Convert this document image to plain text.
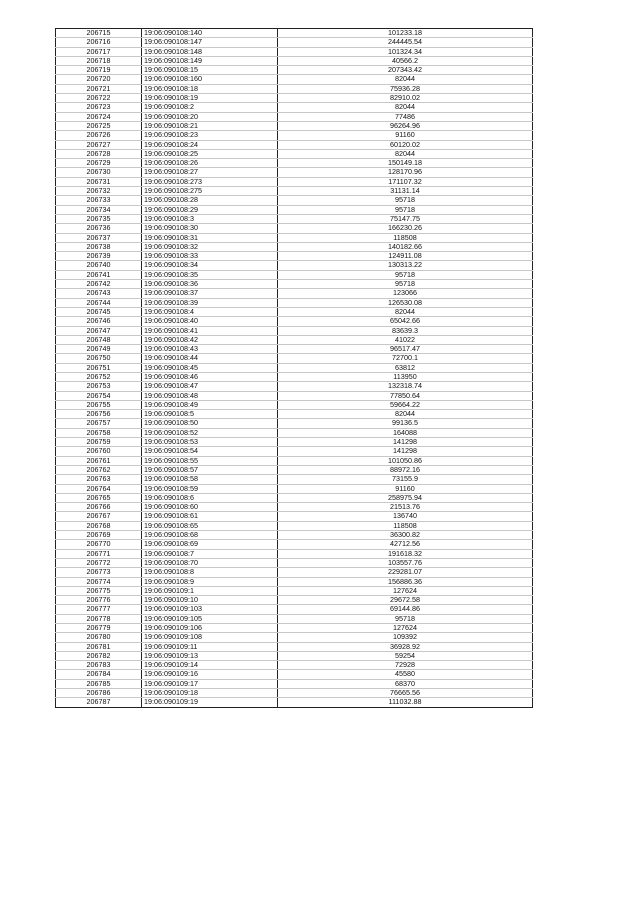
206715	19:06:090108:140	101233.18
206716	19:06:090108:147	244445.54
206717	19:06:090108:148	101324.34
206718	19:06:090108:149	40566.2
206719	19:06:090108:15	207343.42
206720	19:06:090108:160	82044
206721	19:06:090108:18	75936.28
206722	19:06:090108:19	82910.02
206723	19:06:090108:2	82044
206724	19:06:090108:20	77486
206725	19:06:090108:21	96264.96
206726	19:06:090108:23	91160
206727	19:06:090108:24	60120.02
206728	19:06:090108:25	82044
206729	19:06:090108:26	150149.18
206730	19:06:090108:27	128170.96
206731	19:06:090108:273	171107.32
206732	19:06:090108:275	31131.14
206733	19:06:090108:28	95718
206734	19:06:090108:29	95718
206735	19:06:090108:3	75147.75
206736	19:06:090108:30	166230.26
206737	19:06:090108:31	118508
206738	19:06:090108:32	140182.66
206739	19:06:090108:33	124911.08
206740	19:06:090108:34	130313.22
206741	19:06:090108:35	95718
206742	19:06:090108:36	95718
206743	19:06:090108:37	123066
206744	19:06:090108:39	126530.08
206745	19:06:090108:4	82044
206746	19:06:090108:40	65042.66
206747	19:06:090108:41	83639.3
206748	19:06:090108:42	41022
206749	19:06:090108:43	96517.47
206750	19:06:090108:44	72700.1
206751	19:06:090108:45	63812
206752	19:06:090108:46	113950
206753	19:06:090108:47	132318.74
206754	19:06:090108:48	77850.64
206755	19:06:090108:49	59664.22
206756	19:06:090108:5	82044
206757	19:06:090108:50	99136.5
206758	19:06:090108:52	164088
206759	19:06:090108:53	141298
206760	19:06:090108:54	141298
206761	19:06:090108:55	101050.86
206762	19:06:090108:57	88972.16
206763	19:06:090108:58	73155.9
206764	19:06:090108:59	91160
206765	19:06:090108:6	258975.94
206766	19:06:090108:60	21513.76
206767	19:06:090108:61	136740
206768	19:06:090108:65	118508
206769	19:06:090108:68	36300.82
206770	19:06:090108:69	42712.56
206771	19:06:090108:7	191618.32
206772	19:06:090108:70	103557.76
206773	19:06:090108:8	229281.07
206774	19:06:090108:9	156886.36
206775	19:06:090109:1	127624
206776	19:06:090109:10	29672.58
206777	19:06:090109:103	69144.86
206778	19:06:090109:105	95718
206779	19:06:090109:106	127624
206780	19:06:090109:108	109392
206781	19:06:090109:11	36928.92
206782	19:06:090109:13	59254
206783	19:06:090109:14	72928
206784	19:06:090109:16	45580
206785	19:06:090109:17	68370
206786	19:06:090109:18	76665.56
206787	19:06:090109:19	111032.88
